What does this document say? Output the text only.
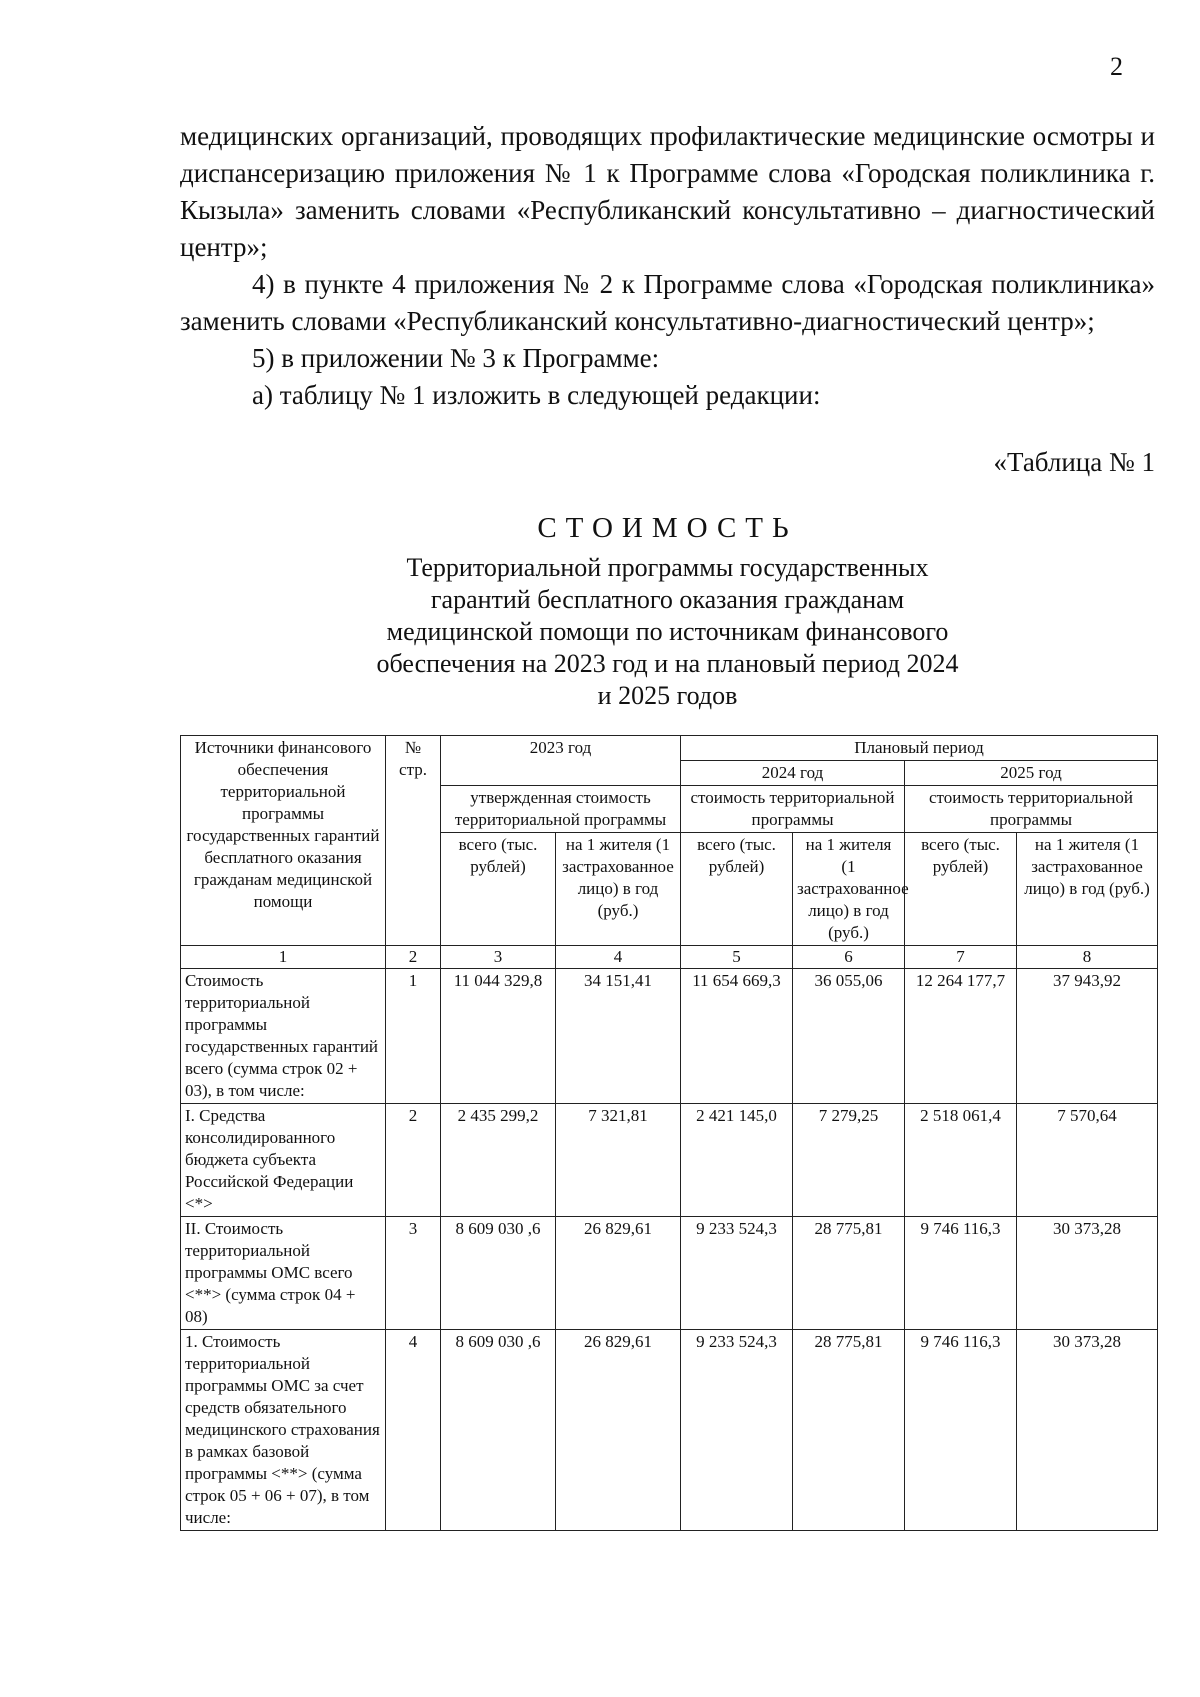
2

медицинских организаций, проводящих профилактические медицинские осмотры и диспансеризацию приложения № 1 к Программе слова «Городская поликлиника г. Кызыла» заменить словами «Республиканский консультативно – диагностический центр»;

4) в пункте 4 приложения № 2 к Программе слова «Городская поликлиника» заменить словами «Республиканский консультативно-диагностический центр»;

5) в приложении № 3 к Программе:

а) таблицу № 1 изложить в следующей редакции:

«Таблица № 1
СТОИМОСТЬ
Территориальной программы государственных гарантий бесплатного оказания гражданам медицинской помощи по источникам финансового обеспечения на 2023 год и на плановый период 2024 и 2025 годов
Источники финансового обеспечения территориальной программы государственных гарантий бесплатного оказания гражданам медицинской помощи	№ стр.	2023 год		Плановый период			
				2024 год		2025 год	
		утвержденная стоимость территориальной программы		стоимость территориальной программы		стоимость территориальной программы	
		всего (тыс. рублей)	на 1 жителя (1 застрахованное лицо) в год (руб.)	всего (тыс. рублей)	на 1 жителя (1 застрахованное лицо) в год (руб.)	всего (тыс. рублей)	на 1 жителя (1 застрахованное лицо) в год (руб.)
1	2	3	4	5	6	7	8
Стоимость территориальной программы государственных гарантий всего (сумма строк 02 + 03), в том числе:	1	11 044 329,8	34 151,41	11 654 669,3	36 055,06	12 264 177,7	37 943,92
I. Средства консолидированного бюджета субъекта Российской Федерации <*>	2	2 435 299,2	7 321,81	2 421 145,0	7 279,25	2 518 061,4	7 570,64
II. Стоимость территориальной программы ОМС всего <**> (сумма строк 04 + 08)	3	8 609 030 ,6	26 829,61	9 233 524,3	28 775,81	9 746 116,3	30 373,28
1. Стоимость территориальной программы ОМС за счет средств обязательного медицинского страхования в рамках базовой программы <**> (сумма строк 05 + 06 + 07), в том числе:	4	8 609 030 ,6	26 829,61	9 233 524,3	28 775,81	9 746 116,3	30 373,28
